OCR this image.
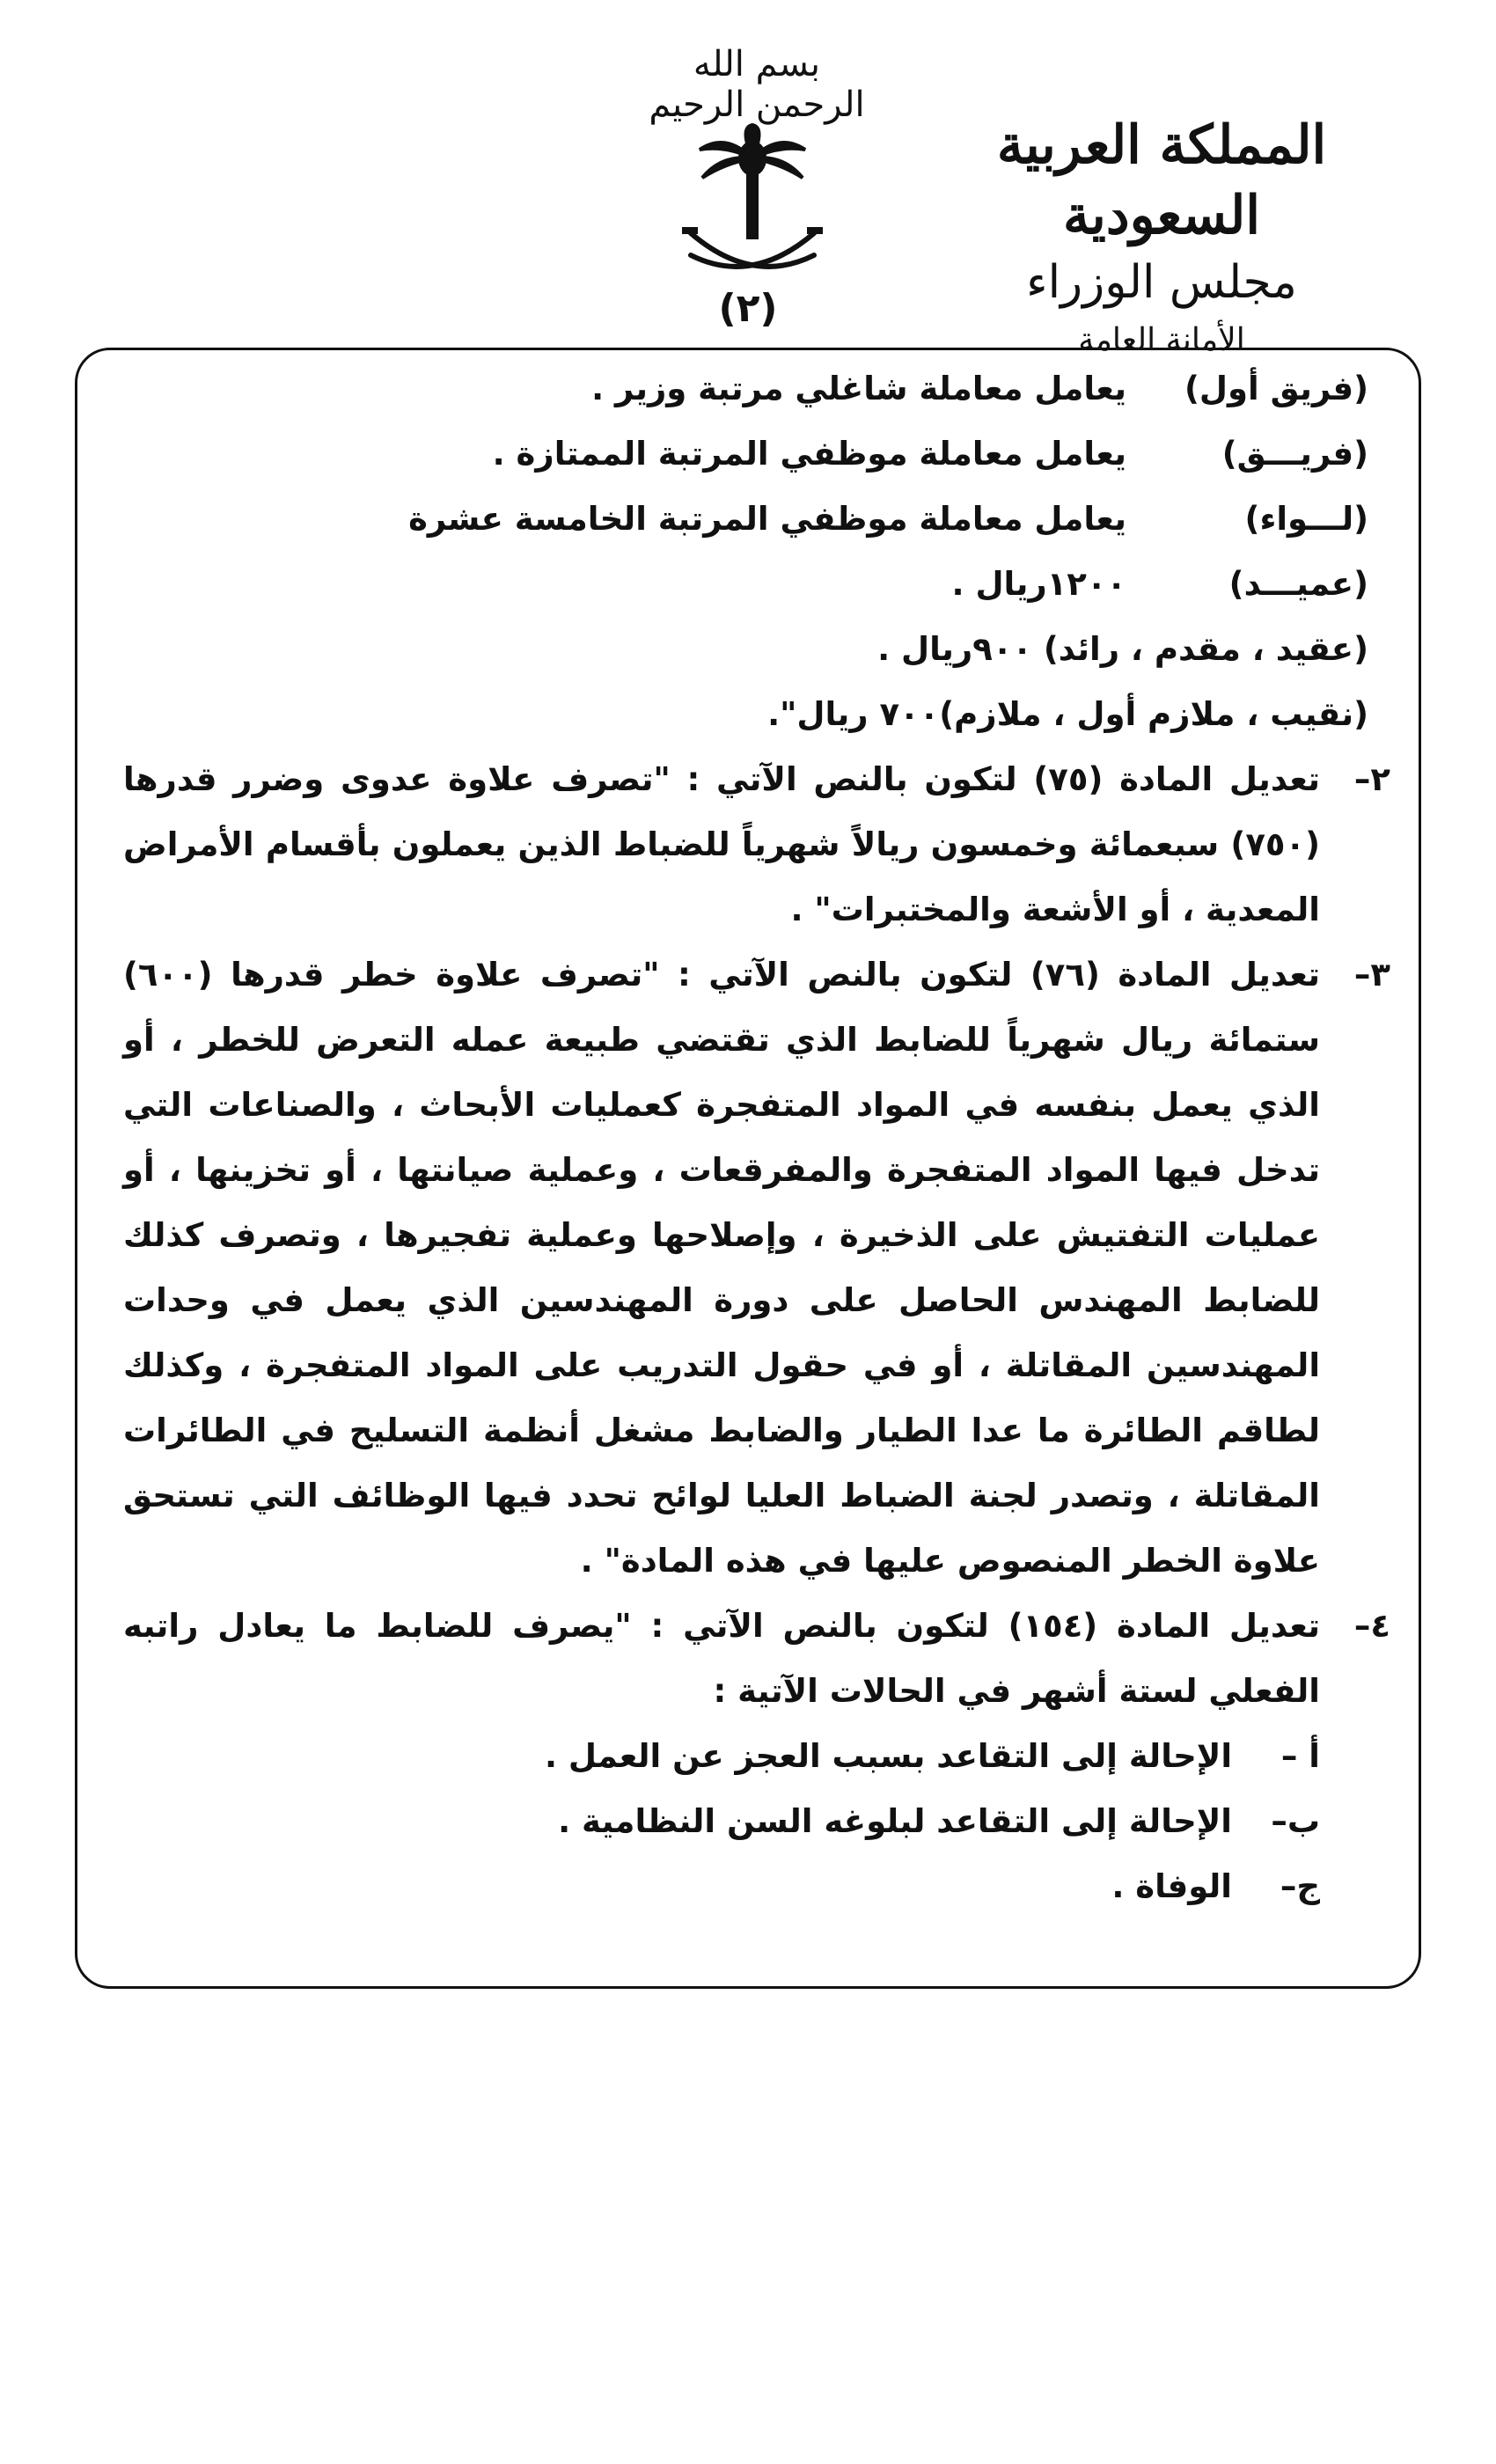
بسم الله الرحمن الرحيم
المملكة العربية السعودية
مجلس الوزراء
الأمانة العامة
(٢)
(فريق أول)
يعامل معاملة شاغلي مرتبة وزير .
(فريـــق)
يعامل معاملة موظفي المرتبة الممتازة .
(لـــواء)
يعامل معاملة موظفي المرتبة الخامسة عشرة
(عميـــد)
١٢٠٠ريال .
(عقيد ، مقدم ، رائد) ٩٠٠ريال .
(نقيب ، ملازم أول ، ملازم)٧٠٠ ريال".
٢–
تعديل المادة (٧٥) لتكون بالنص الآتي : "تصرف علاوة عدوى وضرر قدرها (٧٥٠) سبعمائة وخمسون ريالاً شهرياً للضباط الذين يعملون بأقسام الأمراض المعدية ، أو الأشعة والمختبرات" .
٣–
تعديل المادة (٧٦) لتكون بالنص الآتي : "تصرف علاوة خطر قدرها (٦٠٠) ستمائة ريال شهرياً للضابط الذي تقتضي طبيعة عمله التعرض للخطر ، أو الذي يعمل بنفسه في المواد المتفجرة كعمليات الأبحاث ، والصناعات التي تدخل فيها المواد المتفجرة والمفرقعات ، وعملية صيانتها ، أو تخزينها ، أو عمليات التفتيش على الذخيرة ، وإصلاحها وعملية تفجيرها ، وتصرف كذلك للضابط المهندس الحاصل على دورة المهندسين الذي يعمل في وحدات المهندسين المقاتلة ، أو في حقول التدريب على المواد المتفجرة ، وكذلك لطاقم الطائرة ما عدا الطيار والضابط مشغل أنظمة التسليح في الطائرات المقاتلة ، وتصدر لجنة الضباط العليا لوائح تحدد فيها الوظائف التي تستحق علاوة الخطر المنصوص عليها في هذه المادة" .
٤–
تعديل المادة (١٥٤) لتكون بالنص الآتي : "يصرف للضابط ما يعادل راتبه الفعلي لستة أشهر في الحالات الآتية :
أ –
الإحالة إلى التقاعد بسبب العجز عن العمل .
ب–
الإحالة إلى التقاعد لبلوغه السن النظامية .
ج–
الوفاة .
